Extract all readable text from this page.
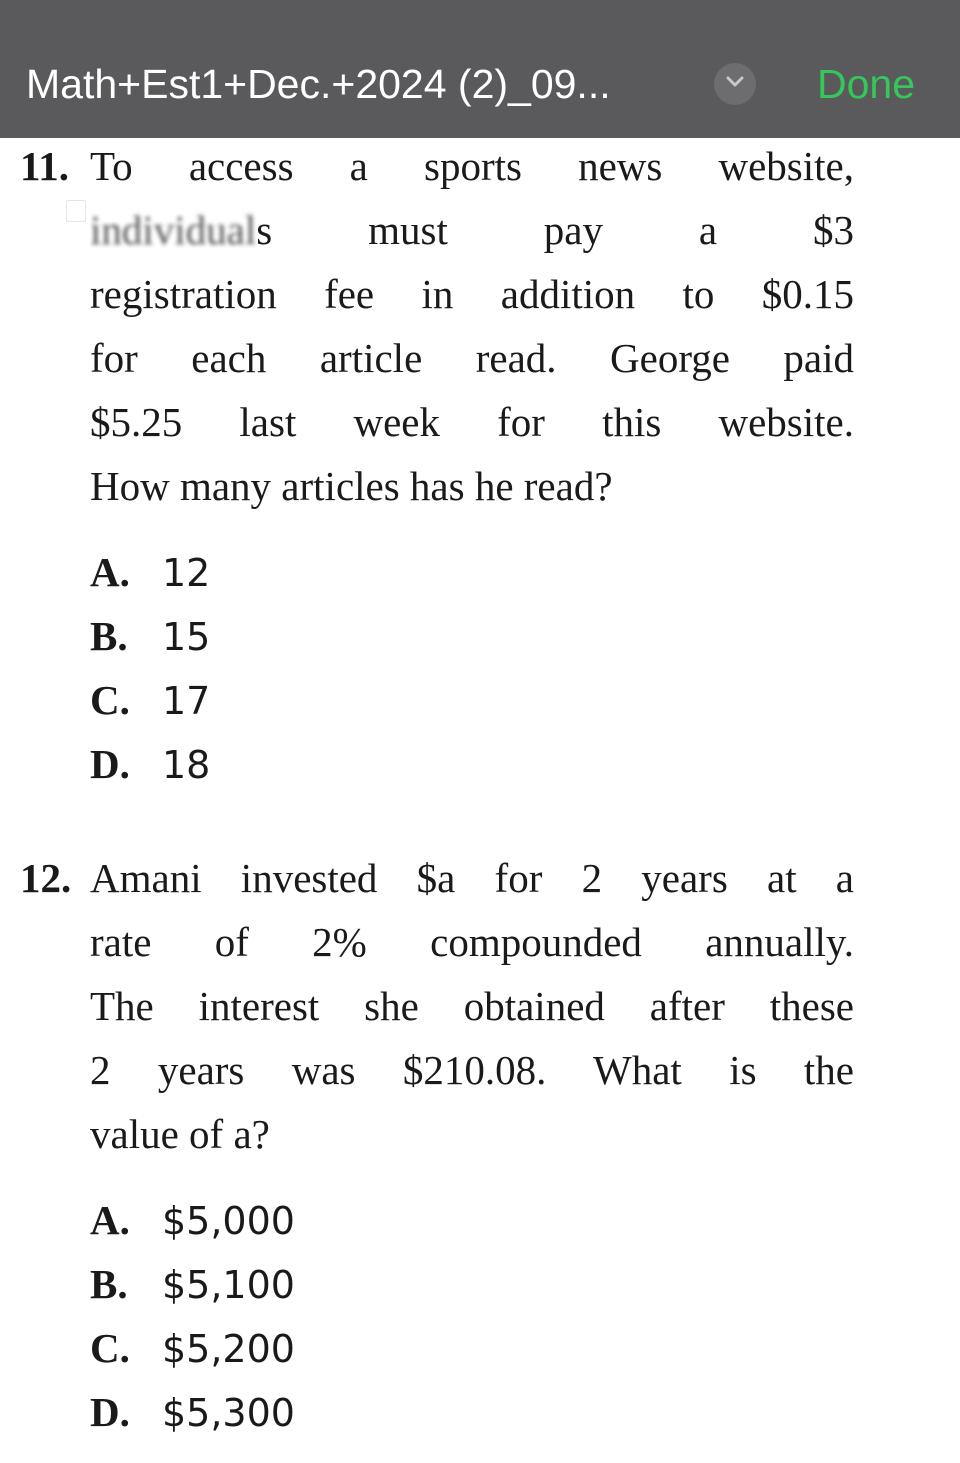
Math+Est1+Dec.+2024 (2)_09...	Done
11. To access a sports news website,
individuals must pay a $3
registration fee in addition to $0.15
for each article read. George paid
$5.25 last week for this website.
How many articles has he read?
A. 12
B. 15
C. 17
D. 18
12. Amani invested $a for 2 years at a
rate of 2% compounded annually.
The interest she obtained after these
2 years was $210.08. What is the
value of a?
A. $5,000
B. $5,100
C. $5,200
D. $5,300
